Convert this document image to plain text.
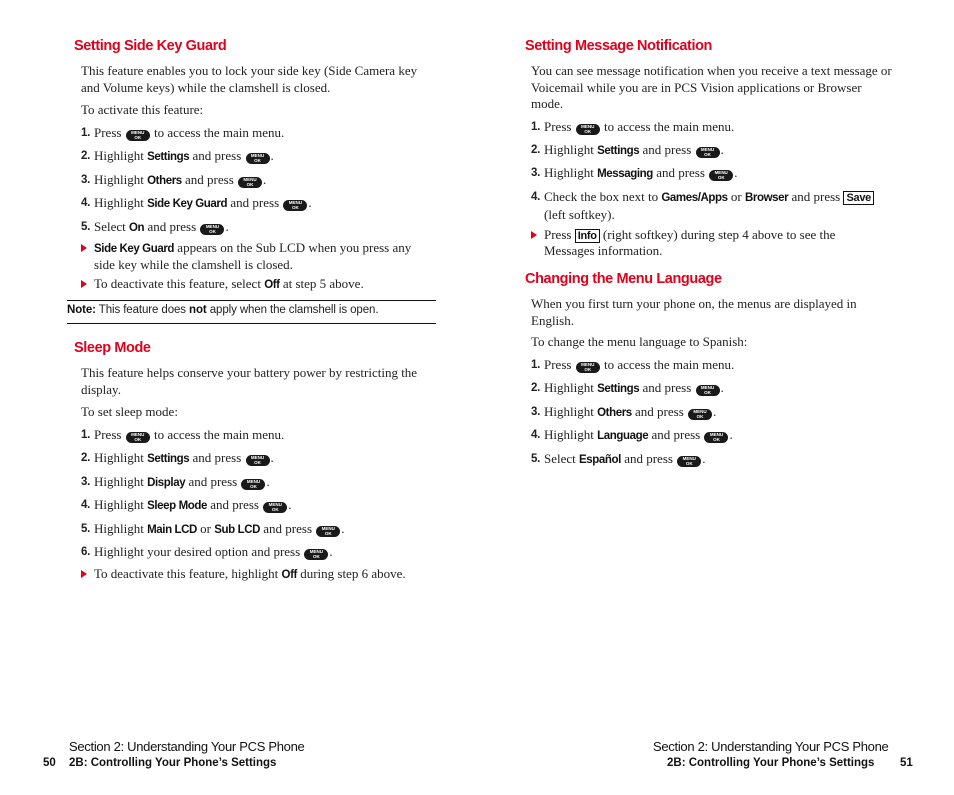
Setting Side Key Guard

This feature enables you to lock your side key (Side Camera key and Volume keys) while the clamshell is closed.

To activate this feature:

1. Press	MENU
OK to access the main menu.

2. Highlight Settings and press	MENU
OK .

3. Highlight Others and press	MENU
OK .

4. Highlight Side Key Guard and press	MENU
OK .

5. Select On and press	MENU
OK .

Side Key Guard appears on the Sub LCD when you press any side key while the clamshell is closed.
To deactivate this feature, select Off at step 5 above.
Note: This feature does not apply when the clamshell is open.
Sleep Mode

This feature helps conserve your battery power by restricting the display.

To set sleep mode:

1. Press	MENU
OK to access the main menu.

2. Highlight Settings and press	MENU
OK .

3. Highlight Display and press	MENU
OK .

4. Highlight Sleep Mode and press	MENU
OK .

5. Highlight Main LCD or Sub LCD and press	MENU
OK .

6. Highlight your desired option and press	MENU
OK .

To deactivate this feature, highlight Off during step 6 above.

Section 2: Understanding Your PCS Phone

50 2B: Controlling Your Phone’s Settings

Setting Message Notification

You can see message notification when you receive a text message or Voicemail while you are in PCS Vision applications or Browser mode.

1. Press	MENU
OK to access the main menu.

2. Highlight Settings and press	MENU
OK .

3. Highlight Messaging and press	MENU
OK .

4. Check the box next to Games/Apps or Browser and press Save
(left softkey).

Press Info (right softkey) during step 4 above to see the
Messages information.
Changing the Menu Language

When you first turn your phone on, the menus are displayed in English.

To change the menu language to Spanish:

1. Press	MENU
OK to access the main menu.

2. Highlight Settings and press	MENU
OK .

3. Highlight Others and press	MENU
OK .

4. Highlight Language and press	MENU
OK .

5. Select Español and press	MENU
OK .

Section 2: Understanding Your PCS Phone

2B: Controlling Your Phone’s Settings 51
